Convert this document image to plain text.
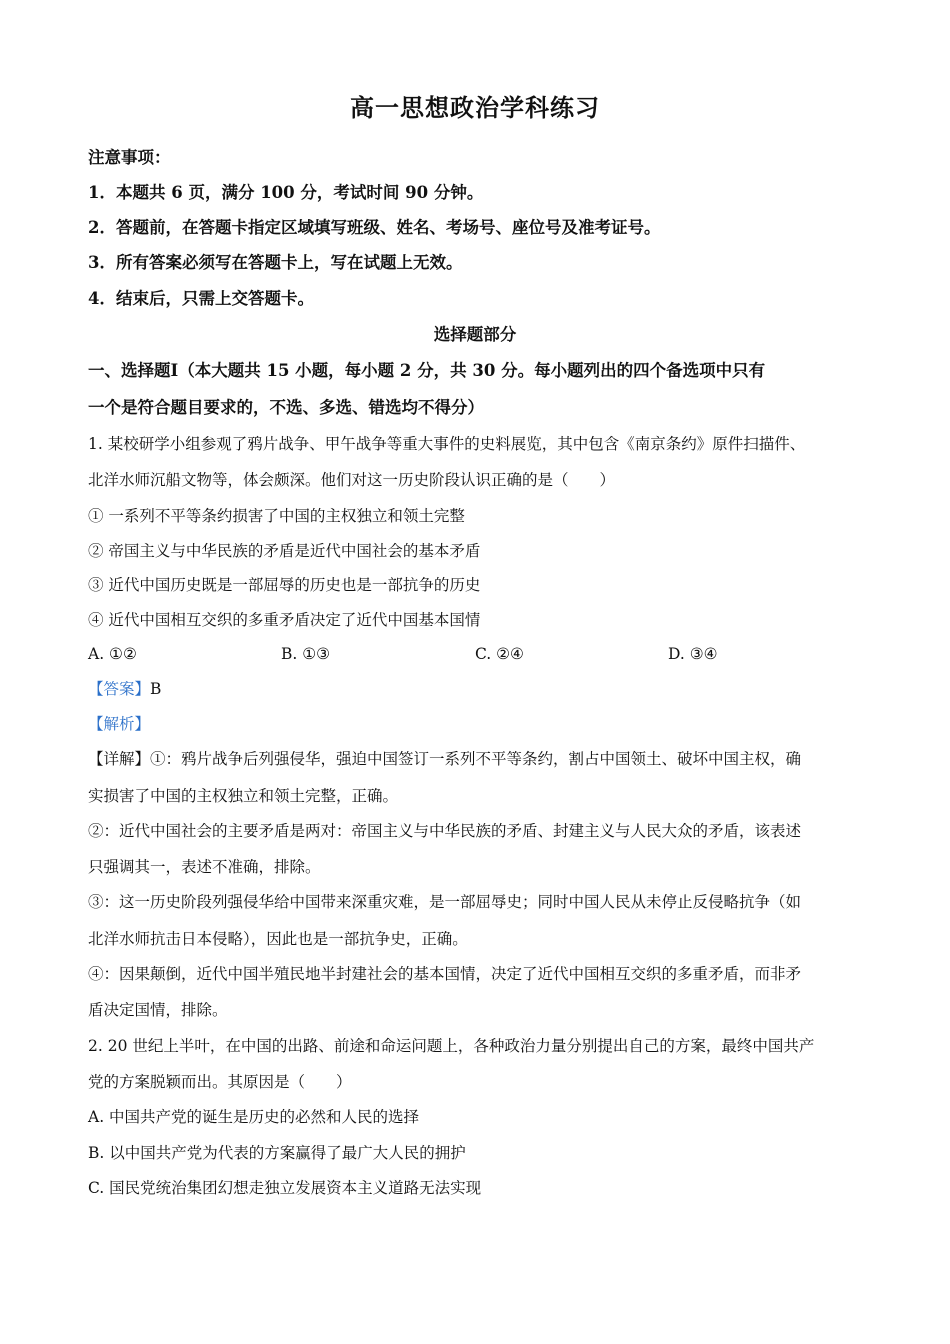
高一思想政治学科练习
注意事项：
1．本题共 6 页，满分 100 分，考试时间 90 分钟。
2．答题前，在答题卡指定区域填写班级、姓名、考场号、座位号及准考证号。
3．所有答案必须写在答题卡上，写在试题上无效。
4．结束后，只需上交答题卡。
选择题部分
一、选择题Ⅰ（本大题共 15 小题，每小题 2 分，共 30 分。每小题列出的四个备选项中只有
一个是符合题目要求的，不选、多选、错选均不得分）
1. 某校研学小组参观了鸦片战争、甲午战争等重大事件的史料展览，其中包含《南京条约》原件扫描件、
北洋水师沉船文物等，体会颇深。他们对这一历史阶段认识正确的是（　　）
① 一系列不平等条约损害了中国的主权独立和领土完整
② 帝国主义与中华民族的矛盾是近代中国社会的基本矛盾
③ 近代中国历史既是一部屈辱的历史也是一部抗争的历史
④ 近代中国相互交织的多重矛盾决定了近代中国基本国情
A. ①②	B. ①③	C. ②④	D. ③④
【答案】B
【解析】
【详解】①：鸦片战争后列强侵华，强迫中国签订一系列不平等条约，割占中国领土、破坏中国主权，确
实损害了中国的主权独立和领土完整，正确。
②：近代中国社会的主要矛盾是两对：帝国主义与中华民族的矛盾、封建主义与人民大众的矛盾，该表述
只强调其一，表述不准确，排除。
③：这一历史阶段列强侵华给中国带来深重灾难，是一部屈辱史；同时中国人民从未停止反侵略抗争（如
北洋水师抗击日本侵略），因此也是一部抗争史，正确。
④：因果颠倒，近代中国半殖民地半封建社会的基本国情，决定了近代中国相互交织的多重矛盾，而非矛
盾决定国情，排除。
2. 20 世纪上半叶，在中国的出路、前途和命运问题上，各种政治力量分别提出自己的方案，最终中国共产
党的方案脱颖而出。其原因是（　　）
A. 中国共产党的诞生是历史的必然和人民的选择
B. 以中国共产党为代表的方案赢得了最广大人民的拥护
C. 国民党统治集团幻想走独立发展资本主义道路无法实现
